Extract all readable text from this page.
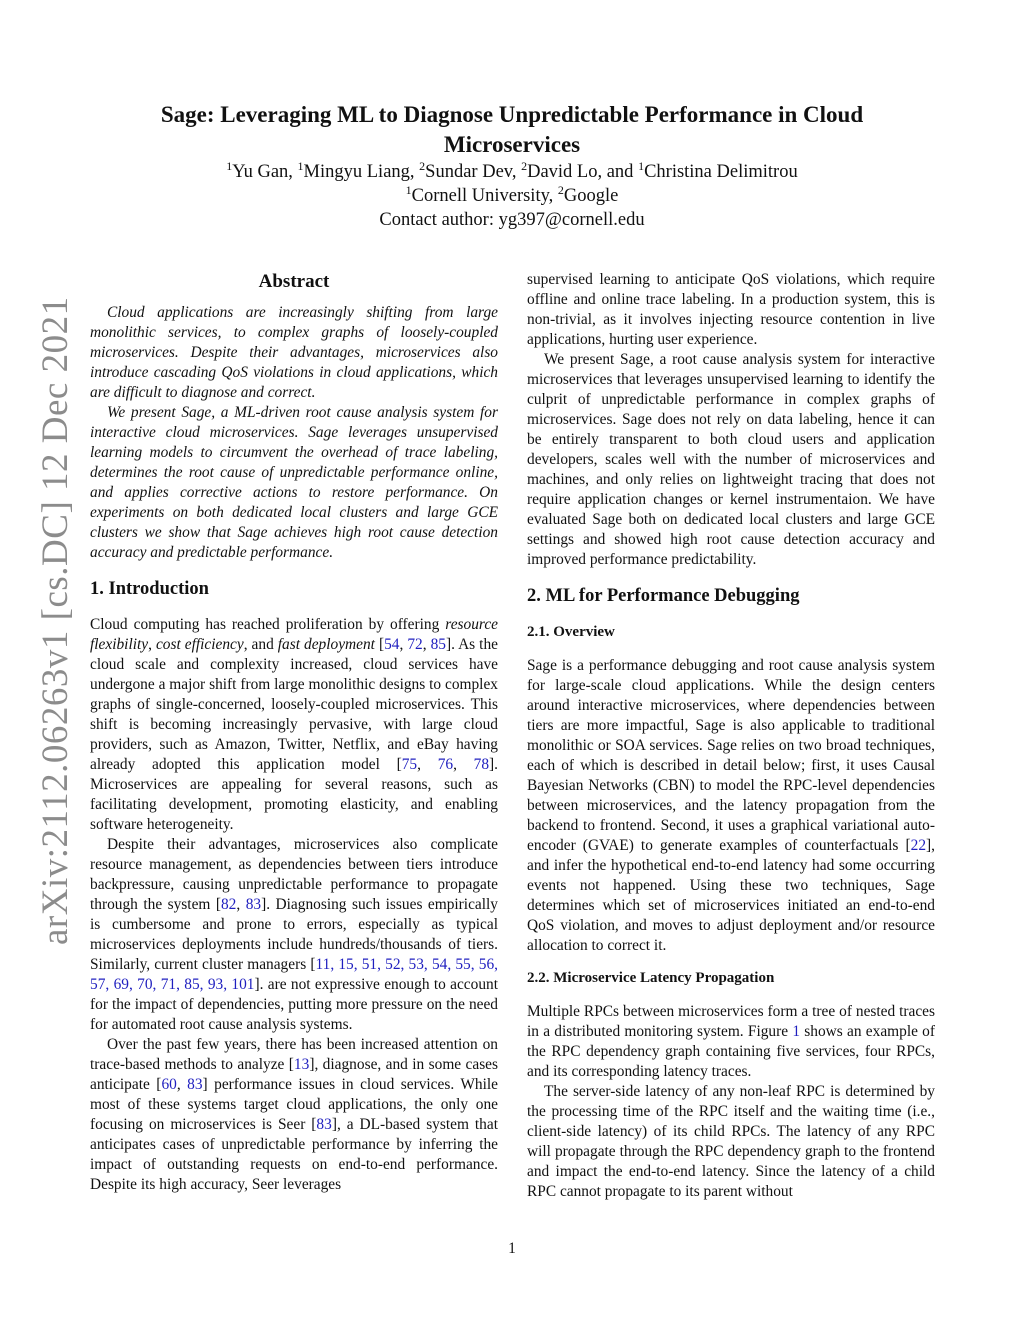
arXiv:2112.06263v1 [cs.DC] 12 Dec 2021
Sage: Leveraging ML to Diagnose Unpredictable Performance in Cloud Microservices

$^1$Yu Gan, $^1$Mingyu Liang, $^2$Sundar Dev, $^2$David Lo, and $^1$Christina Delimitrou

$^1$Cornell University, $^2$Google

Contact author: yg397@cornell.edu

Abstract

Cloud applications are increasingly shifting from large monolithic services, to complex graphs of loosely-coupled microservices. Despite their advantages, microservices also introduce cascading QoS violations in cloud applications, which are difficult to diagnose and correct.

We present Sage, a ML-driven root cause analysis system for interactive cloud microservices. Sage leverages unsupervised learning models to circumvent the overhead of trace labeling, determines the root cause of unpredictable performance online, and applies corrective actions to restore performance. On experiments on both dedicated local clusters and large GCE clusters we show that Sage achieves high root cause detection accuracy and predictable performance.

1. Introduction

Cloud computing has reached proliferation by offering resource flexibility, cost efficiency, and fast deployment [54, 72, 85]. As the cloud scale and complexity increased, cloud services have undergone a major shift from large monolithic designs to complex graphs of single-concerned, loosely-coupled microservices. This shift is becoming increasingly pervasive, with large cloud providers, such as Amazon, Twitter, Netflix, and eBay having already adopted this application model [75, 76, 78]. Microservices are appealing for several reasons, such as facilitating development, promoting elasticity, and enabling software heterogeneity.

Despite their advantages, microservices also complicate resource management, as dependencies between tiers introduce backpressure, causing unpredictable performance to propagate through the system [82, 83]. Diagnosing such issues empirically is cumbersome and prone to errors, especially as typical microservices deployments include hundreds/thousands of tiers. Similarly, current cluster managers [11, 15, 51, 52, 53, 54, 55, 56, 57, 69, 70, 71, 85, 93, 101]. are not expressive enough to account for the impact of dependencies, putting more pressure on the need for automated root cause analysis systems.

Over the past few years, there has been increased attention on trace-based methods to analyze [13], diagnose, and in some cases anticipate [60, 83] performance issues in cloud services. While most of these systems target cloud applications, the only one focusing on microservices is Seer [83], a DL-based system that anticipates cases of unpredictable performance by inferring the impact of outstanding requests on end-to-end performance. Despite its high accuracy, Seer leverages

supervised learning to anticipate QoS violations, which require offline and online trace labeling. In a production system, this is non-trivial, as it involves injecting resource contention in live applications, hurting user experience.

We present Sage, a root cause analysis system for interactive microservices that leverages unsupervised learning to identify the culprit of unpredictable performance in complex graphs of microservices. Sage does not rely on data labeling, hence it can be entirely transparent to both cloud users and application developers, scales well with the number of microservices and machines, and only relies on lightweight tracing that does not require application changes or kernel instrumentaion. We have evaluated Sage both on dedicated local clusters and large GCE settings and showed high root cause detection accuracy and improved performance predictability.

2. ML for Performance Debugging
2.1. Overview

Sage is a performance debugging and root cause analysis system for large-scale cloud applications. While the design centers around interactive microservices, where dependencies between tiers are more impactful, Sage is also applicable to traditional monolithic or SOA services. Sage relies on two broad techniques, each of which is described in detail below; first, it uses Causal Bayesian Networks (CBN) to model the RPC-level dependencies between microservices, and the latency propagation from the backend to frontend. Second, it uses a graphical variational auto-encoder (GVAE) to generate examples of counterfactuals [22], and infer the hypothetical end-to-end latency had some occurring events not happened. Using these two techniques, Sage determines which set of microservices initiated an end-to-end QoS violation, and moves to adjust deployment and/or resource allocation to correct it.

2.2. Microservice Latency Propagation

Multiple RPCs between microservices form a tree of nested traces in a distributed monitoring system. Figure 1 shows an example of the RPC dependency graph containing five services, four RPCs, and its corresponding latency traces.

The server-side latency of any non-leaf RPC is determined by the processing time of the RPC itself and the waiting time (i.e., client-side latency) of its child RPCs. The latency of any RPC will propagate through the RPC dependency graph to the frontend and impact the end-to-end latency. Since the latency of a child RPC cannot propagate to its parent without

1
